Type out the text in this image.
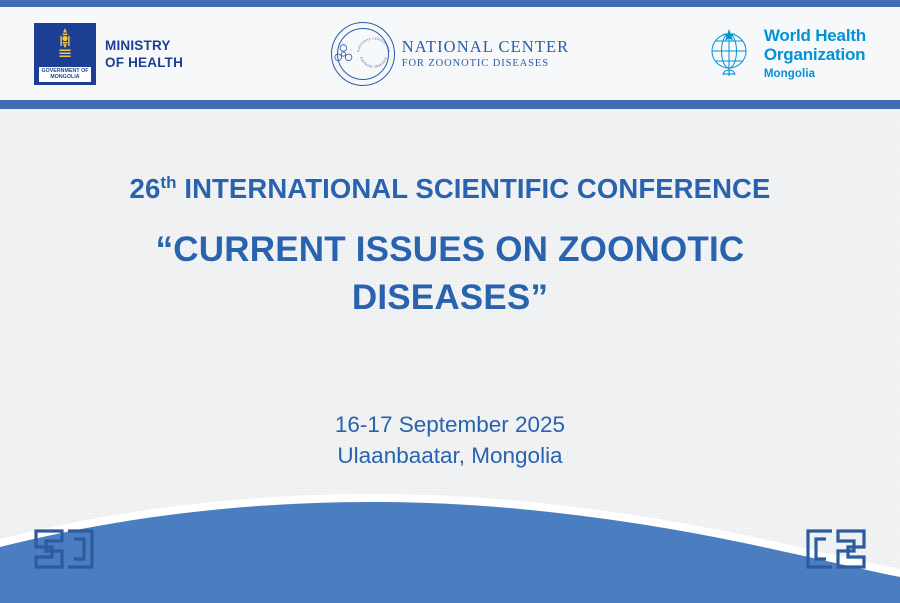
GOVERNMENT OF
MONGOLIA
MINISTRY
OF HEALTH
NATIONAL CENTER FOR
ZOONOTIC DISEASES
NATIONAL CENTER
FOR ZOONOTIC DISEASES
World Health
Organization
Mongolia
26th INTERNATIONAL SCIENTIFIC CONFERENCE
“CURRENT ISSUES ON ZOONOTIC DISEASES”
16-17 September 2025
Ulaanbaatar, Mongolia
